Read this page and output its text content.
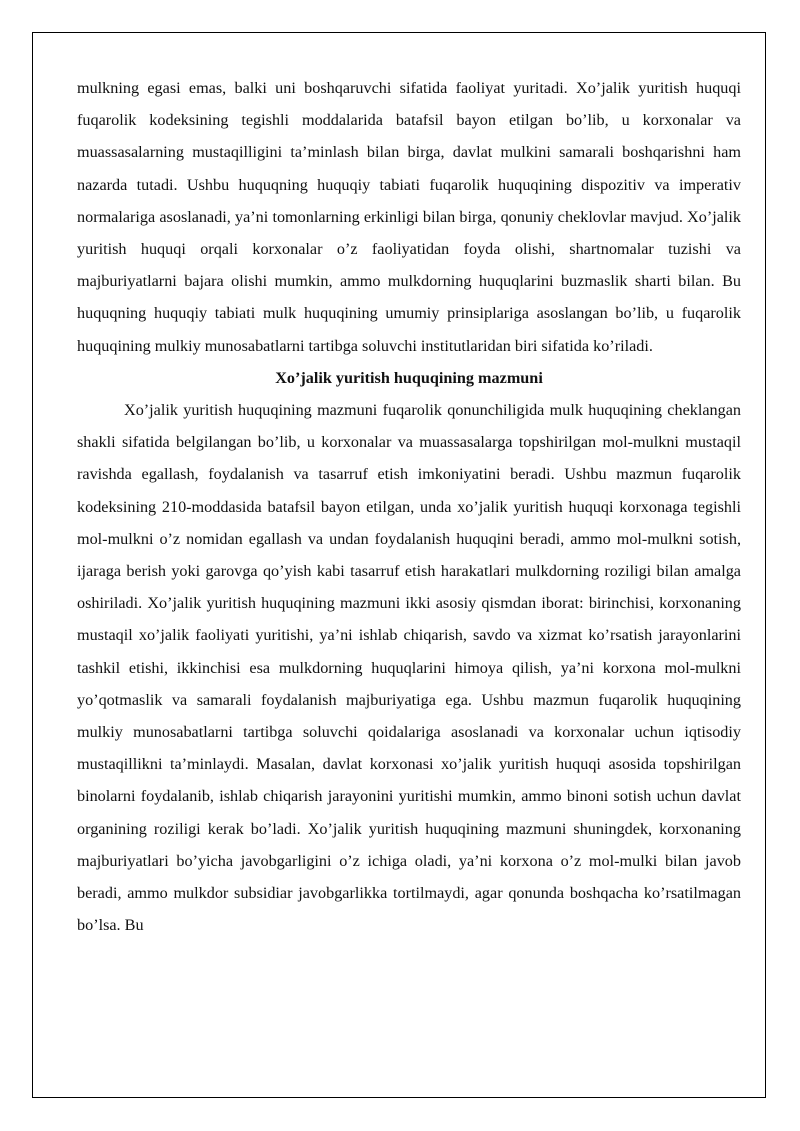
mulkning egasi emas, balki uni boshqaruvchi sifatida faoliyat yuritadi. Xo’jalik yuritish huquqi fuqarolik kodeksining tegishli moddalarida batafsil bayon etilgan bo’lib, u korxonalar va muassasalarning mustaqilligini ta’minlash bilan birga, davlat mulkini samarali boshqarishni ham nazarda tutadi. Ushbu huquqning huquqiy tabiati fuqarolik huquqining dispozitiv va imperativ normalariga asoslanadi, ya’ni tomonlarning erkinligi bilan birga, qonuniy cheklovlar mavjud. Xo’jalik yuritish huquqi orqali korxonalar o’z faoliyatidan foyda olishi, shartnomalar tuzishi va majburiyatlarni bajara olishi mumkin, ammo mulkdorning huquqlarini buzmaslik sharti bilan. Bu huquqning huquqiy tabiati mulk huquqining umumiy prinsiplariga asoslangan bo’lib, u fuqarolik huquqining mulkiy munosabatlarni tartibga soluvchi institutlaridan biri sifatida ko’riladi.

Xo’jalik yuritish huquqining mazmuni

Xo’jalik yuritish huquqining mazmuni fuqarolik qonunchiligida mulk huquqining cheklangan shakli sifatida belgilangan bo’lib, u korxonalar va muassasalarga topshirilgan mol-mulkni mustaqil ravishda egallash, foydalanish va tasarruf etish imkoniyatini beradi. Ushbu mazmun fuqarolik kodeksining 210-moddasida batafsil bayon etilgan, unda xo’jalik yuritish huquqi korxonaga tegishli mol-mulkni o’z nomidan egallash va undan foydalanish huquqini beradi, ammo mol-mulkni sotish, ijaraga berish yoki garovga qo’yish kabi tasarruf etish harakatlari mulkdorning roziligi bilan amalga oshiriladi. Xo’jalik yuritish huquqining mazmuni ikki asosiy qismdan iborat: birinchisi, korxonaning mustaqil xo’jalik faoliyati yuritishi, ya’ni ishlab chiqarish, savdo va xizmat ko’rsatish jarayonlarini tashkil etishi, ikkinchisi esa mulkdorning huquqlarini himoya qilish, ya’ni korxona mol-mulkni yo’qotmaslik va samarali foydalanish majburiyatiga ega. Ushbu mazmun fuqarolik huquqining mulkiy munosabatlarni tartibga soluvchi qoidalariga asoslanadi va korxonalar uchun iqtisodiy mustaqillikni ta’minlaydi. Masalan, davlat korxonasi xo’jalik yuritish huquqi asosida topshirilgan binolarni foydalanib, ishlab chiqarish jarayonini yuritishi mumkin, ammo binoni sotish uchun davlat organining roziligi kerak bo’ladi. Xo’jalik yuritish huquqining mazmuni shuningdek, korxonaning majburiyatlari bo’yicha javobgarligini o’z ichiga oladi, ya’ni korxona o’z mol-mulki bilan javob beradi, ammo mulkdor subsidiar javobgarlikka tortilmaydi, agar qonunda boshqacha ko’rsatilmagan bo’lsa. Bu
